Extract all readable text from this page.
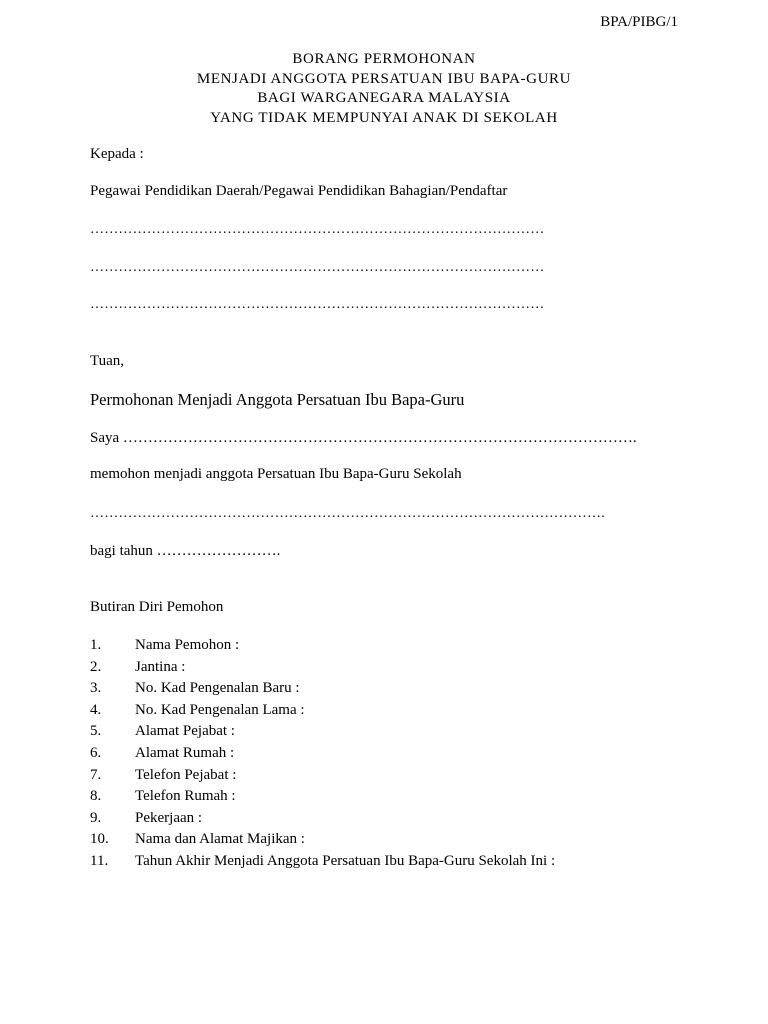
BPA/PIBG/1
BORANG PERMOHONAN
MENJADI ANGGOTA PERSATUAN IBU BAPA-GURU
BAGI WARGANEGARA MALAYSIA
YANG TIDAK MEMPUNYAI ANAK DI SEKOLAH
Kepada :
Pegawai Pendidikan Daerah/Pegawai Pendidikan Bahagian/Pendaftar
……………………………………………………………………………………
……………………………………………………………………………………
……………………………………………………………………………………
Tuan,
Permohonan Menjadi Anggota Persatuan Ibu Bapa-Guru
Saya ………………………………………………………………………………………….
memohon menjadi anggota Persatuan Ibu Bapa-Guru Sekolah
……………………………………………………………………………………………….
bagi tahun …………………….
Butiran Diri Pemohon
1. Nama Pemohon :
2. Jantina :
3. No. Kad Pengenalan Baru :
4. No. Kad Pengenalan Lama :
5. Alamat Pejabat :
6. Alamat Rumah :
7. Telefon Pejabat :
8. Telefon Rumah :
9. Pekerjaan :
10. Nama dan Alamat Majikan :
11. Tahun Akhir Menjadi Anggota Persatuan Ibu Bapa-Guru Sekolah Ini :
